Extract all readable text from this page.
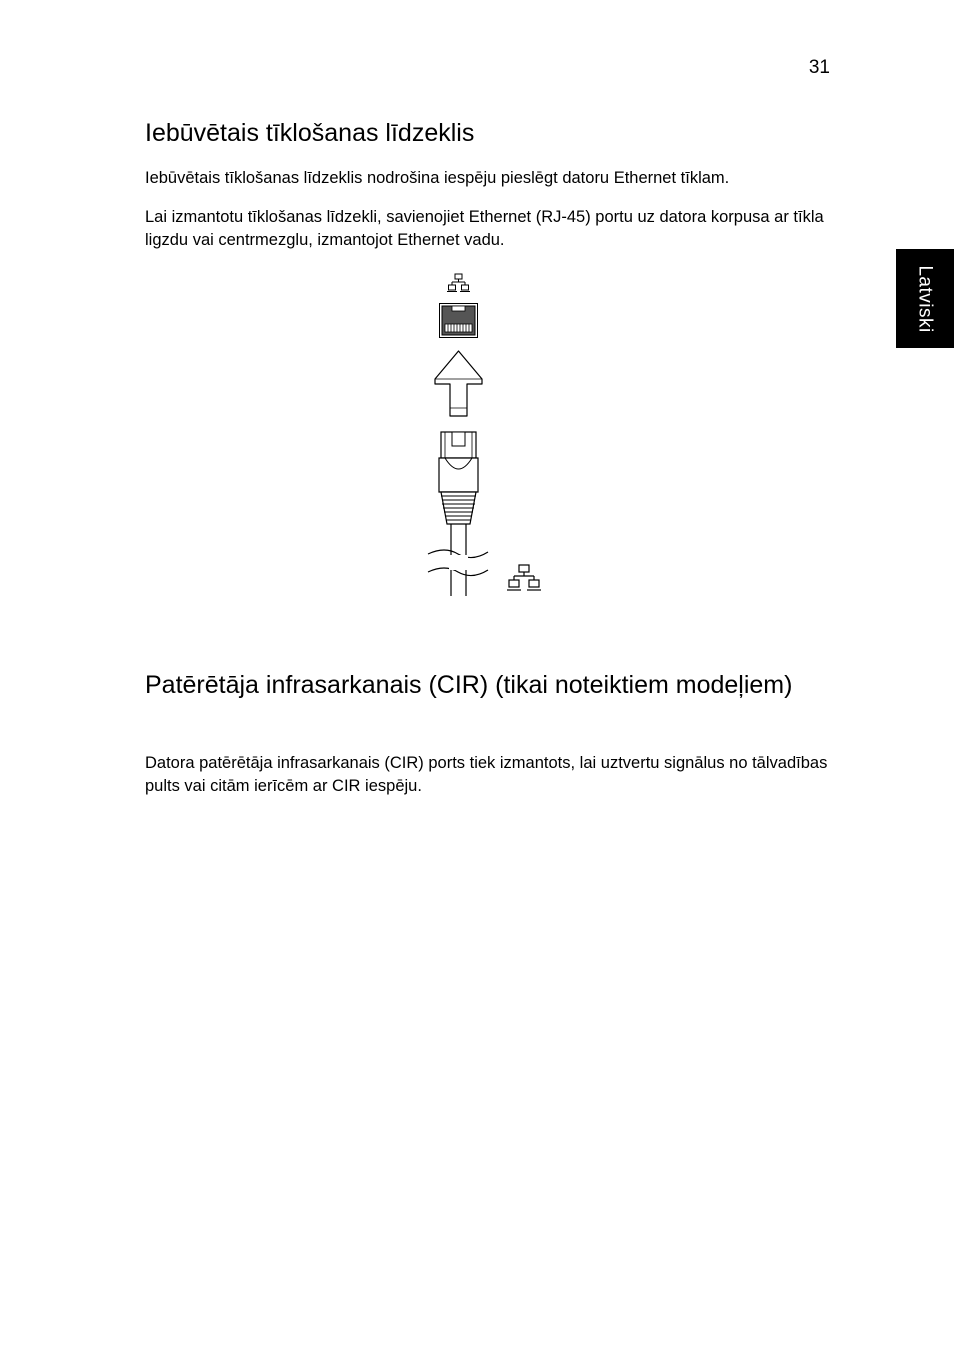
31
Latviski
Iebūvētais tīklošanas līdzeklis

Iebūvētais tīklošanas līdzeklis nodrošina iespēju pieslēgt datoru Ethernet tīklam.

Lai izmantotu tīklošanas līdzekli, savienojiet Ethernet (RJ-45) portu uz datora korpusa ar tīkla ligzdu vai centrmezglu, izmantojot Ethernet vadu.

Patērētāja infrasarkanais (CIR) (tikai noteiktiem modeļiem)

Datora patērētāja infrasarkanais (CIR) ports tiek izmantots, lai uztvertu signālus no tālvadības pults vai citām ierīcēm ar CIR iespēju.
